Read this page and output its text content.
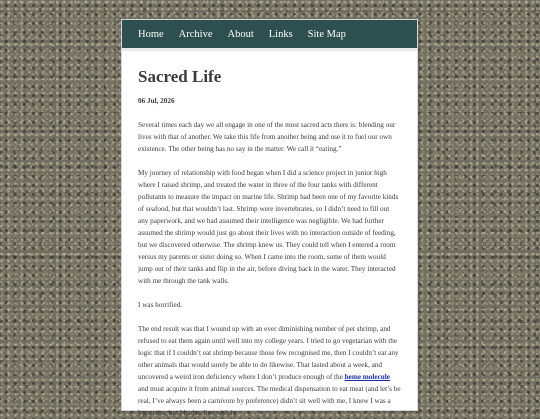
Home Archive About Links Site Map
Sacred Life
06 Jul, 2026

Several times each day we all engage in one of the most sacred acts there is: blending our lives with that of another. We take this life from another being and use it to fuel our own existence. The other being has no say in the matter. We call it “eating.”

My journey of relationship with food began when I did a science project in junior high where I raised shrimp, and treated the water in three of the four tanks with different pollutants to measure the impact on marine life. Shrimp had been one of my favorite kinds of seafood, but that wouldn’t last. Shrimp were invertebrates, so I didn’t need to fill out any paperwork, and we had assumed their intelligence was negligible. We had further assumed the shrimp would just go about their lives with no interaction outside of feeding, but we discovered otherwise. The shrimp knew us. They could tell when I entered a room versus my parents or sister doing so. When I came into the room, some of them would jump out of their tanks and flip in the air, before diving back in the water. They interacted with me through the tank walls.

I was horrified.

The end result was that I wound up with an ever diminishing number of pet shrimp, and refused to eat them again until well into my college years. I tried to go vegetarian with the logic that if I couldn’t eat shrimp because those few recognised me, then I couldn’t eat any other animals that would surely be able to do likewise. That lasted about a week, and uncovered a weird iron deficiency where I don’t produce enough of the heme molecule and must acquire it from animal sources. The medical dispensation to eat meat (and let’s be real, I’ve always been a carnivore by preference) didn’t sit well with me, I knew I was a hypocrite, but I had to live with it.
